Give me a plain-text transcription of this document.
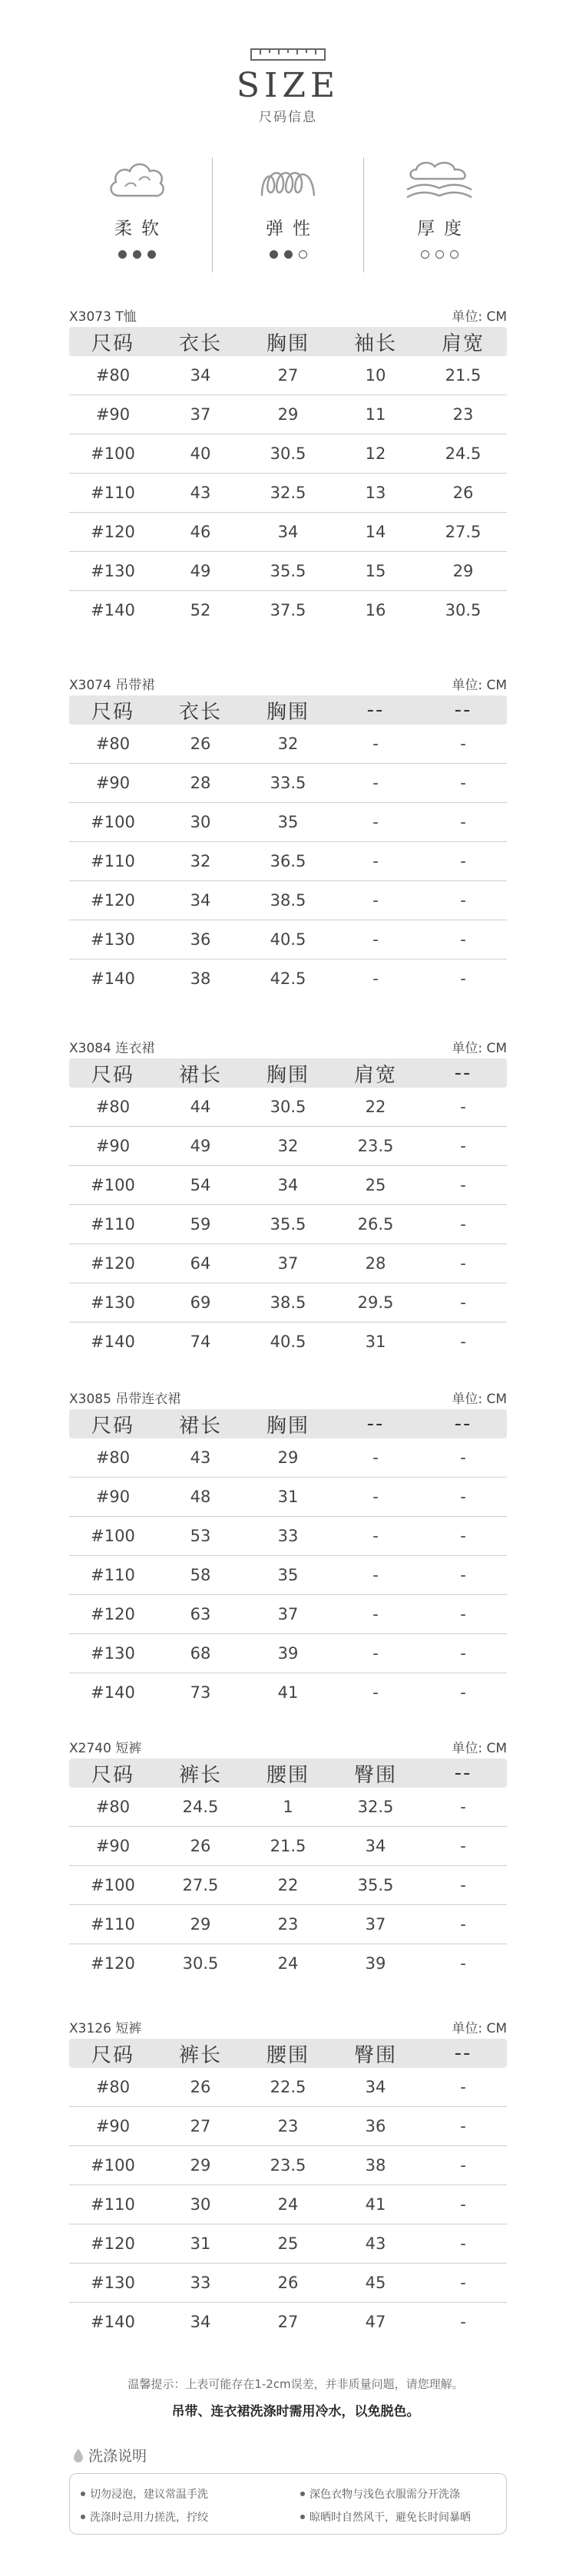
SIZE
尺码信息
柔软	弹性	厚度
X3073 T恤	单位: CM
尺码	衣长	胸围	袖长	肩宽
#80	34	27	10	21.5
#90	37	29	11	23
#100	40	30.5	12	24.5
#110	43	32.5	13	26
#120	46	34	14	27.5
#130	49	35.5	15	29
#140	52	37.5	16	30.5
X3074 吊带裙	单位: CM
尺码	衣长	胸围	--	--
#80	26	32	-	-
#90	28	33.5	-	-
#100	30	35	-	-
#110	32	36.5	-	-
#120	34	38.5	-	-
#130	36	40.5	-	-
#140	38	42.5	-	-
X3084 连衣裙	单位: CM
尺码	裙长	胸围	肩宽	--
#80	44	30.5	22	-
#90	49	32	23.5	-
#100	54	34	25	-
#110	59	35.5	26.5	-
#120	64	37	28	-
#130	69	38.5	29.5	-
#140	74	40.5	31	-
X3085 吊带连衣裙	单位: CM
尺码	裙长	胸围	--	--
#80	43	29	-	-
#90	48	31	-	-
#100	53	33	-	-
#110	58	35	-	-
#120	63	37	-	-
#130	68	39	-	-
#140	73	41	-	-
X2740 短裤	单位: CM
尺码	裤长	腰围	臀围	--
#80	24.5	1	32.5	-
#90	26	21.5	34	-
#100	27.5	22	35.5	-
#110	29	23	37	-
#120	30.5	24	39	-
X3126 短裤	单位: CM
尺码	裤长	腰围	臀围	--
#80	26	22.5	34	-
#90	27	23	36	-
#100	29	23.5	38	-
#110	30	24	41	-
#120	31	25	43	-
#130	33	26	45	-
#140	34	27	47	-
温馨提示：上表可能存在1-2cm误差，并非质量问题，请您理解。
吊带、连衣裙洗涤时需用冷水，以免脱色。
洗涤说明
切勿浸泡，建议常温手洗	深色衣物与浅色衣服需分开洗涤
洗涤时忌用力搓洗，拧绞	晾晒时自然风干，避免长时间暴晒
